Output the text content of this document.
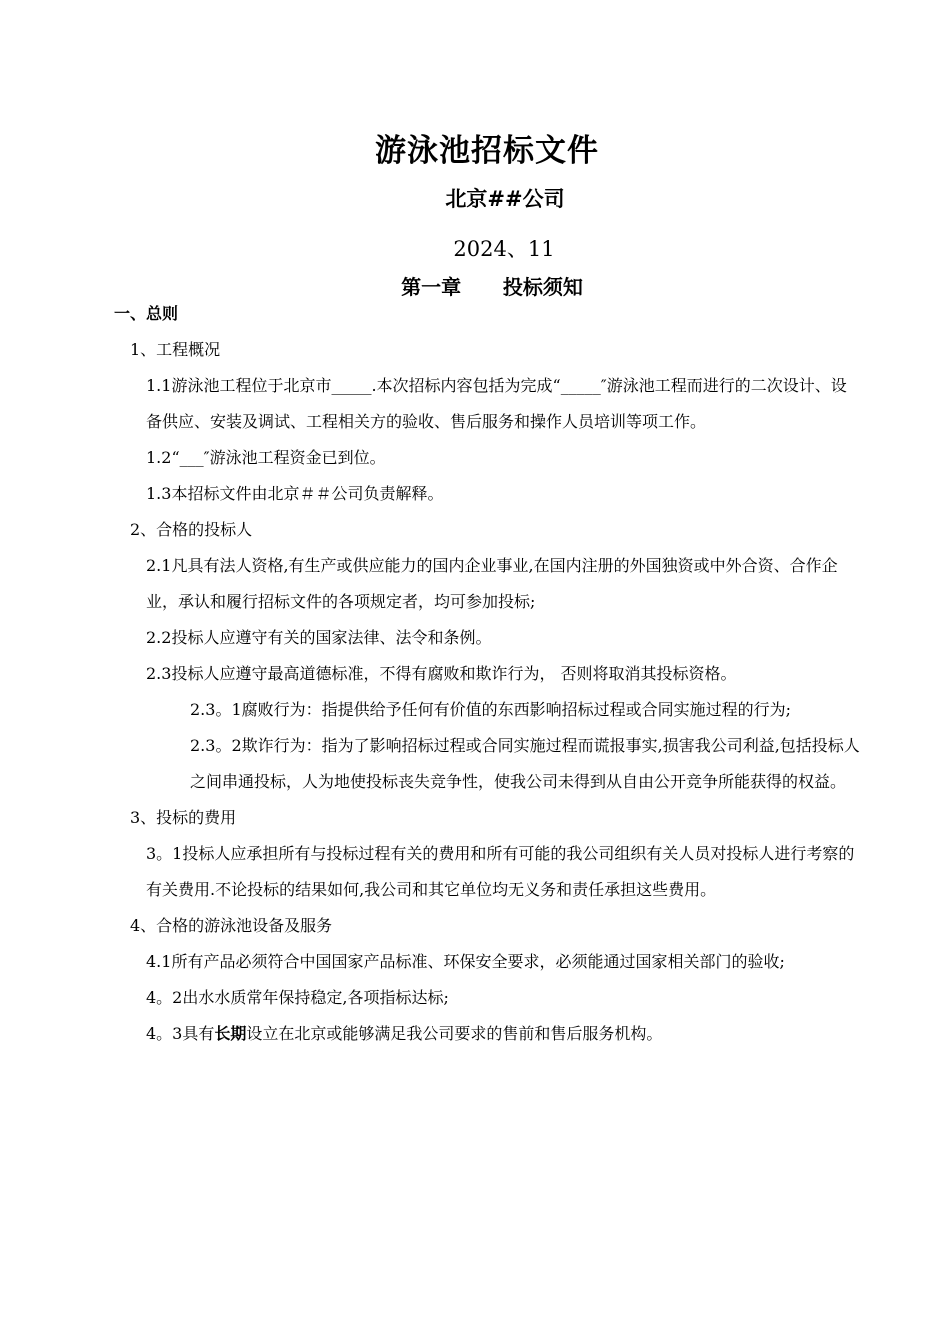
游泳池招标文件
北京##公司
2024、11
第一章      投标须知

一、总则

1、工程概况

1.1游泳池工程位于北京市_____.本次招标内容包括为完成“_____″游泳池工程而进行的二次设计、设备供应、安装及调试、工程相关方的验收、售后服务和操作人员培训等项工作。

1.2“___″游泳池工程资金已到位。

1.3本招标文件由北京＃＃公司负责解释。

2、合格的投标人

2.1凡具有法人资格,有生产或供应能力的国内企业事业,在国内注册的外国独资或中外合资、合作企业，承认和履行招标文件的各项规定者，均可参加投标;

2.2投标人应遵守有关的国家法律、法令和条例。

2.3投标人应遵守最高道德标准，不得有腐败和欺诈行为， 否则将取消其投标资格。

2.3。1腐败行为：指提供给予任何有价值的东西影响招标过程或合同实施过程的行为;

2.3。2欺诈行为：指为了影响招标过程或合同实施过程而谎报事实,损害我公司利益,包括投标人之间串通投标，人为地使投标丧失竞争性，使我公司未得到从自由公开竞争所能获得的权益。

3、投标的费用

3。1投标人应承担所有与投标过程有关的费用和所有可能的我公司组织有关人员对投标人进行考察的有关费用.不论投标的结果如何,我公司和其它单位均无义务和责任承担这些费用。

4、合格的游泳池设备及服务

4.1所有产品必须符合中国国家产品标准、环保安全要求，必须能通过国家相关部门的验收;

4。2出水水质常年保持稳定,各项指标达标;

4。3具有长期设立在北京或能够满足我公司要求的售前和售后服务机构。
